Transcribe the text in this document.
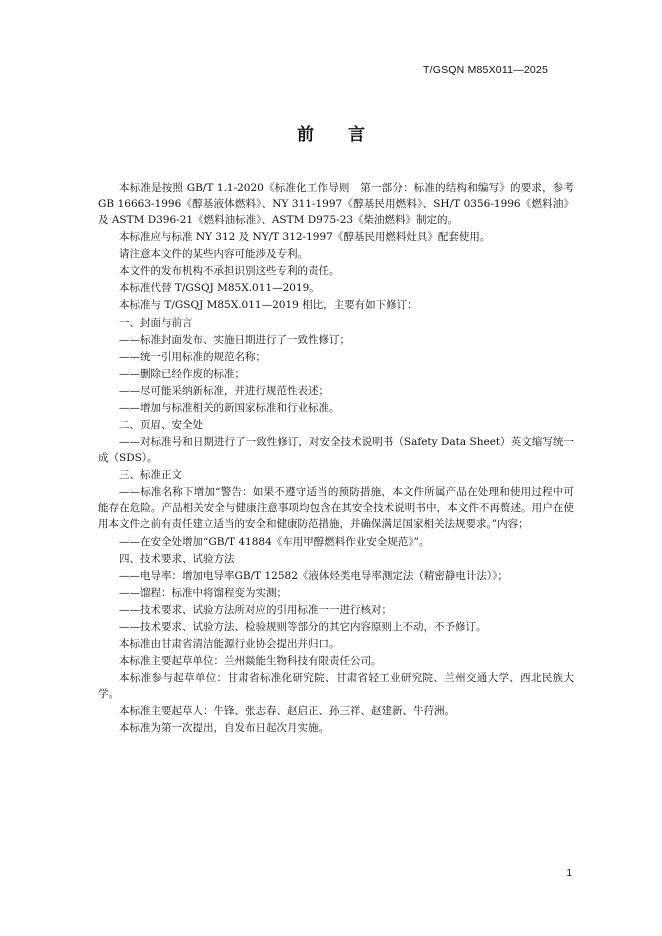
T/GSQN M85X011—2025
前言

本标准是按照 GB/T 1.1-2020《标准化工作导则　第一部分：标准的结构和编写》的要求，参考 GB 16663-1996《醇基液体燃料》、NY 311-1997《醇基民用燃料》、SH/T 0356-1996《燃料油》及 ASTM D396-21《燃料油标准》、ASTM D975-23《柴油燃料》制定的。

本标准应与标准 NY 312 及 NY/T 312-1997《醇基民用燃料灶具》配套使用。

请注意本文件的某些内容可能涉及专利。

本文件的发布机构不承担识别这些专利的责任。

本标准代替 T/GSQJ M85X.011—2019。

本标准与 T/GSQJ M85X.011—2019 相比，主要有如下修订：

一、封面与前言

——标准封面发布、实施日期进行了一致性修订；

——统一引用标准的规范名称；

——删除已经作废的标准；

——尽可能采纳新标准，并进行规范性表述；

——增加与标准相关的新国家标准和行业标准。

二、页眉、安全处

——对标准号和日期进行了一致性修订，对安全技术说明书（Safety Data Sheet）英文缩写统一成（SDS）。

三、标准正文

——标准名称下增加“警告：如果不遵守适当的预防措施，本文件所属产品在处理和使用过程中可能存在危险。产品相关安全与健康注意事项均包含在其安全技术说明书中，本文件不再赘述。用户在使用本文件之前有责任建立适当的安全和健康防范措施，并确保满足国家相关法规要求。”内容；

——在安全处增加“GB/T 41884《车用甲醇燃料作业安全规范》”。

四、技术要求、试验方法

——电导率：增加电导率GB/T 12582《液体烃类电导率测定法（精密静电计法）》；

——馏程：标准中将馏程变为实测；

——技术要求、试验方法所对应的引用标准一一进行核对；

——技术要求、试验方法、检验规则等部分的其它内容原则上不动，不予修订。

本标准由甘肃省清洁能源行业协会提出并归口。

本标准主要起草单位：兰州燚能生物科技有限责任公司。

本标准参与起草单位：甘肃省标准化研究院、甘肃省轻工业研究院、兰州交通大学、西北民族大学。

本标准主要起草人：牛锋、张志春、赵启正、孙三祥、赵建新、牛荇洲。

本标准为第一次提出，自发布日起次月实施。

1
